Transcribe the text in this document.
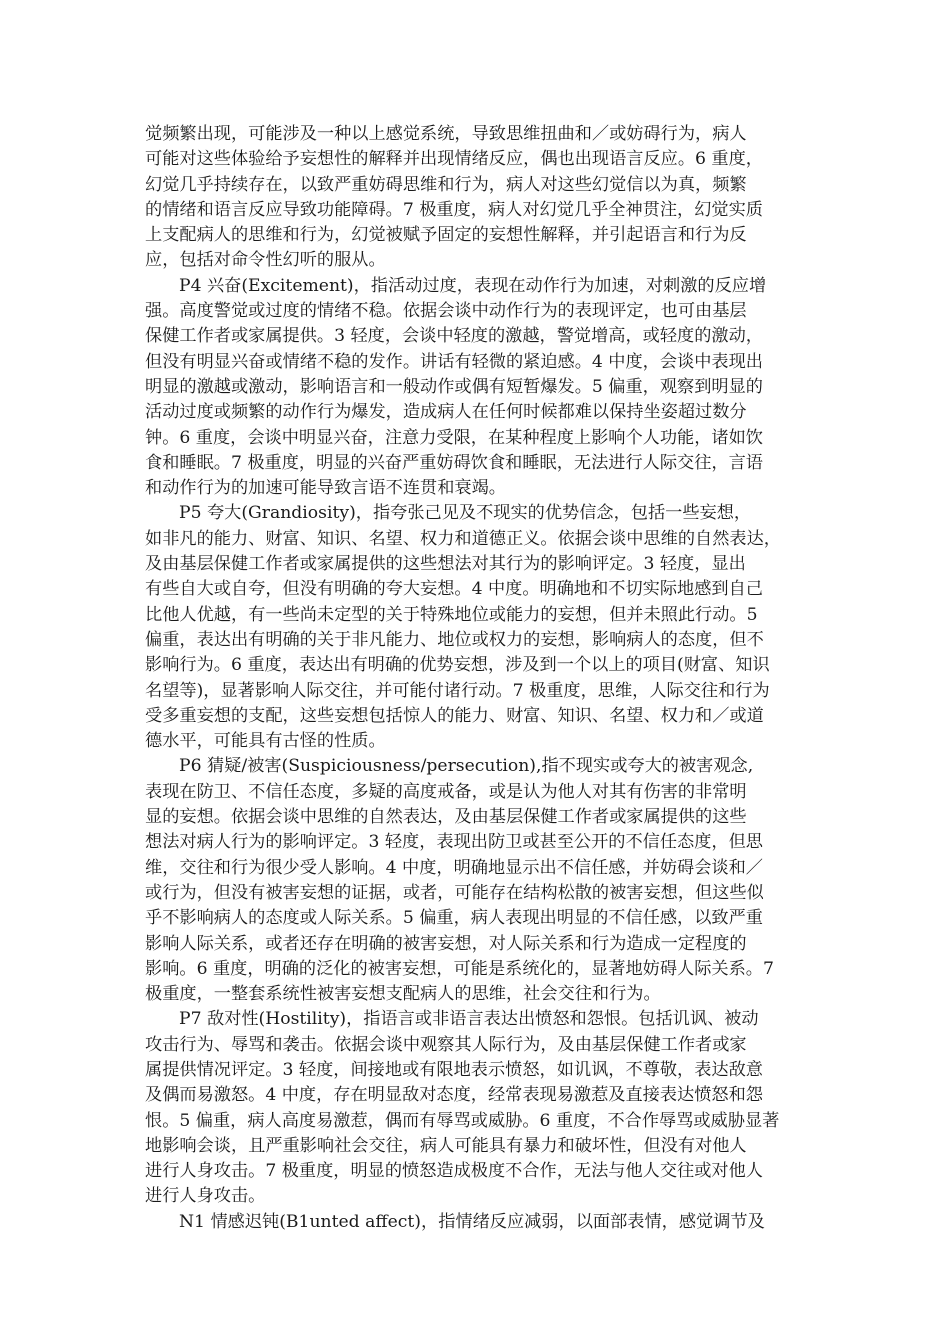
觉频繁出现，可能涉及一种以上感觉系统，导致思维扭曲和／或妨碍行为，病人
可能对这些体验给予妄想性的解释并出现情绪反应，偶也出现语言反应。6 重度，
幻觉几乎持续存在，以致严重妨碍思维和行为，病人对这些幻觉信以为真，频繁
的情绪和语言反应导致功能障碍。7 极重度，病人对幻觉几乎全神贯注，幻觉实质
上支配病人的思维和行为，幻觉被赋予固定的妄想性解释，并引起语言和行为反
应，包括对命令性幻听的服从。

P4 兴奋(Excitement)，指活动过度，表现在动作行为加速，对刺激的反应增
强。高度警觉或过度的情绪不稳。依据会谈中动作行为的表现评定，也可由基层
保健工作者或家属提供。3 轻度，会谈中轻度的激越，警觉增高，或轻度的激动，
但没有明显兴奋或情绪不稳的发作。讲话有轻微的紧迫感。4 中度，会谈中表现出
明显的激越或激动，影响语言和一般动作或偶有短暂爆发。5 偏重，观察到明显的
活动过度或频繁的动作行为爆发，造成病人在任何时候都难以保持坐姿超过数分
钟。6 重度，会谈中明显兴奋，注意力受限，在某种程度上影响个人功能，诸如饮
食和睡眠。7 极重度，明显的兴奋严重妨碍饮食和睡眠，无法进行人际交往，言语
和动作行为的加速可能导致言语不连贯和衰竭。

P5 夸大(Grandiosity)，指夸张己见及不现实的优势信念，包括一些妄想，
如非凡的能力、财富、知识、名望、权力和道德正义。依据会谈中思维的自然表达，
及由基层保健工作者或家属提供的这些想法对其行为的影响评定。3 轻度，显出
有些自大或自夸，但没有明确的夸大妄想。4 中度。明确地和不切实际地感到自己
比他人优越，有一些尚未定型的关于特殊地位或能力的妄想，但并未照此行动。5
偏重，表达出有明确的关于非凡能力、地位或权力的妄想，影响病人的态度，但不
影响行为。6 重度，表达出有明确的优势妄想，涉及到一个以上的项目(财富、知识
名望等)，显著影响人际交往，并可能付诸行动。7 极重度，思维，人际交往和行为
受多重妄想的支配，这些妄想包括惊人的能力、财富、知识、名望、权力和／或道
德水平，可能具有古怪的性质。

P6 猜疑/被害(Suspiciousness/persecution),指不现实或夸大的被害观念,
表现在防卫、不信任态度，多疑的高度戒备，或是认为他人对其有伤害的非常明
显的妄想。依据会谈中思维的自然表达，及由基层保健工作者或家属提供的这些
想法对病人行为的影响评定。3 轻度，表现出防卫或甚至公开的不信任态度，但思
维，交往和行为很少受人影响。4 中度，明确地显示出不信任感，并妨碍会谈和／
或行为，但没有被害妄想的证据，或者，可能存在结构松散的被害妄想，但这些似
乎不影响病人的态度或人际关系。5 偏重，病人表现出明显的不信任感，以致严重
影响人际关系，或者还存在明确的被害妄想，对人际关系和行为造成一定程度的
影响。6 重度，明确的泛化的被害妄想，可能是系统化的，显著地妨碍人际关系。7
极重度，一整套系统性被害妄想支配病人的思维，社会交往和行为。

P7 敌对性(Hostility)，指语言或非语言表达出愤怒和怨恨。包括讥讽、被动
攻击行为、辱骂和袭击。依据会谈中观察其人际行为，及由基层保健工作者或家
属提供情况评定。3 轻度，间接地或有限地表示愤怒，如讥讽，不尊敬，表达敌意
及偶而易激怒。4 中度，存在明显敌对态度，经常表现易激惹及直接表达愤怒和怨
恨。5 偏重，病人高度易激惹，偶而有辱骂或威胁。6 重度，不合作辱骂或威胁显著
地影响会谈，且严重影响社会交往，病人可能具有暴力和破坏性，但没有对他人
进行人身攻击。7 极重度，明显的愤怒造成极度不合作，无法与他人交往或对他人
进行人身攻击。

N1 情感迟钝(B1unted affect)，指情绪反应减弱，以面部表情，感觉调节及
